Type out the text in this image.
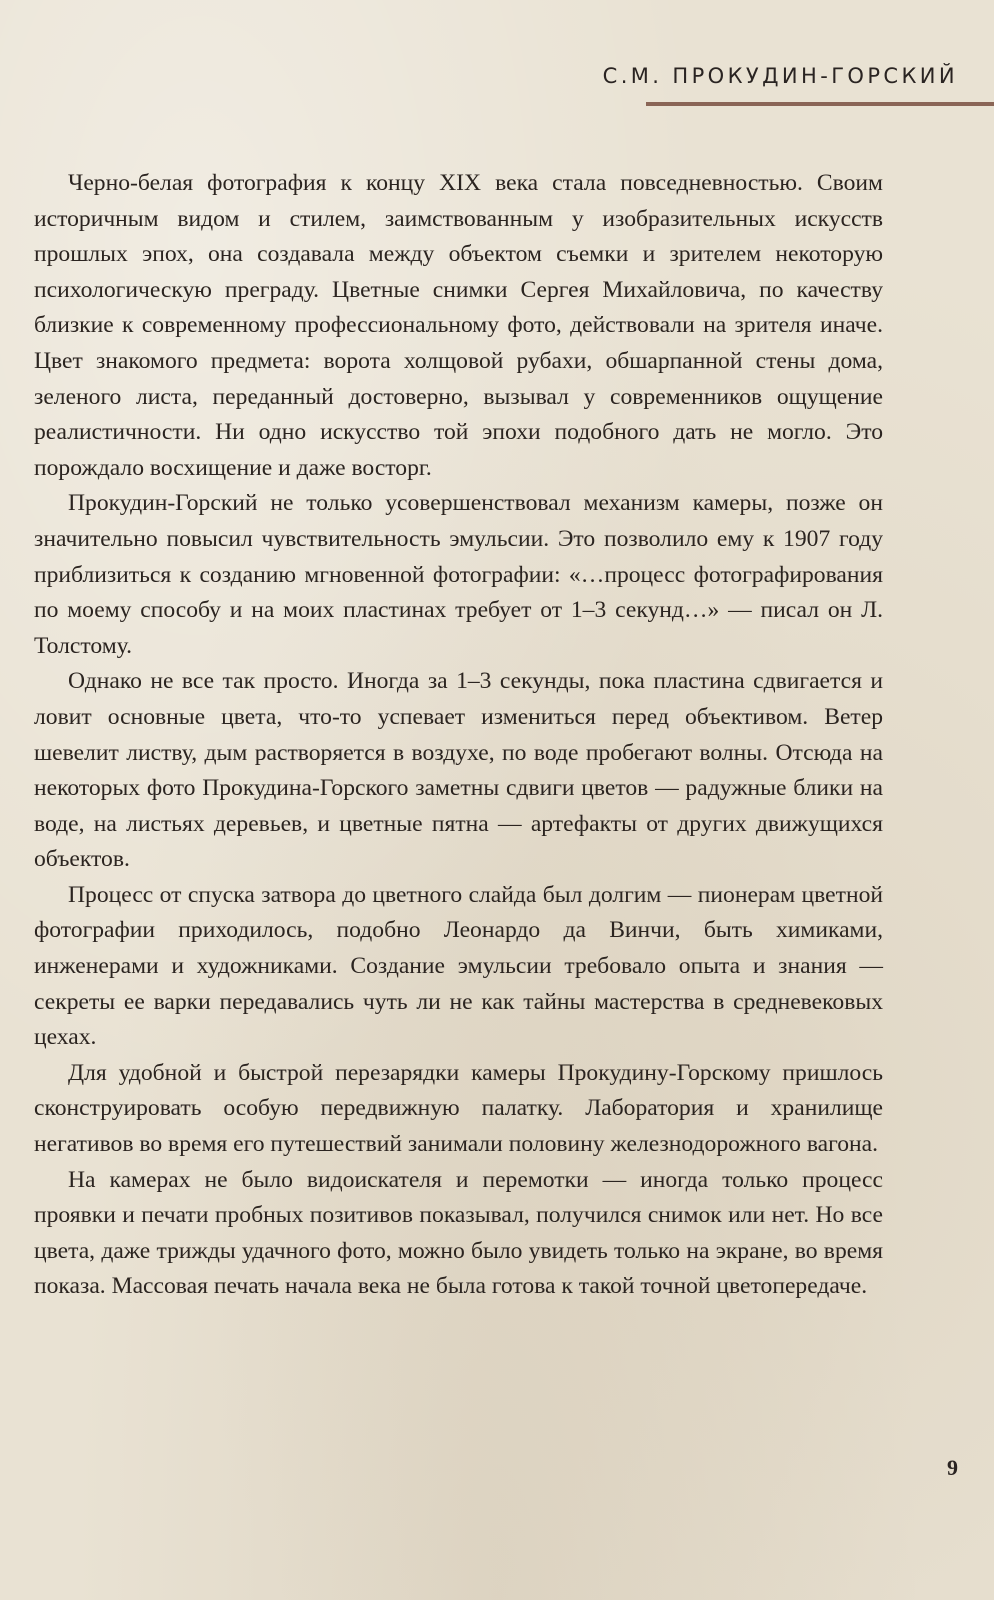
С.М. ПРОКУДИН-ГОРСКИЙ

Черно-белая фотография к концу XIX века стала повседневностью. Своим историчным видом и стилем, заимствованным у изобразительных искусств прошлых эпох, она создавала между объектом съемки и зрителем некоторую психологическую преграду. Цветные снимки Сергея Михайловича, по качеству близкие к современному профессиональному фото, действовали на зрителя иначе. Цвет знакомого предмета: ворота холщовой рубахи, обшарпанной стены дома, зеленого листа, переданный достоверно, вызывал у современников ощущение реалистичности. Ни одно искусство той эпохи подобного дать не могло. Это порождало восхищение и даже восторг.

Прокудин-Горский не только усовершенствовал механизм камеры, позже он значительно повысил чувствительность эмульсии. Это позволило ему к 1907 году приблизиться к созданию мгновенной фотографии: «…процесс фотографирования по моему способу и на моих пластинах требует от 1–3 секунд…» — писал он Л. Толстому.

Однако не все так просто. Иногда за 1–3 секунды, пока пластина сдвигается и ловит основные цвета, что-то успевает измениться перед объективом. Ветер шевелит листву, дым растворяется в воздухе, по воде пробегают волны. Отсюда на некоторых фото Прокудина-Горского заметны сдвиги цветов — радужные блики на воде, на листьях деревьев, и цветные пятна — артефакты от других движущихся объектов.

Процесс от спуска затвора до цветного слайда был долгим — пионерам цветной фотографии приходилось, подобно Леонардо да Винчи, быть химиками, инженерами и художниками. Создание эмульсии требовало опыта и знания — секреты ее варки передавались чуть ли не как тайны мастерства в средневековых цехах.

Для удобной и быстрой перезарядки камеры Прокудину-Горскому пришлось сконструировать особую передвижную палатку. Лаборатория и хранилище негативов во время его путешествий занимали половину железнодорожного вагона.

На камерах не было видоискателя и перемотки — иногда только процесс проявки и печати пробных позитивов показывал, получился снимок или нет. Но все цвета, даже трижды удачного фото, можно было увидеть только на экране, во время показа. Массовая печать начала века не была готова к такой точной цветопередаче.

9
